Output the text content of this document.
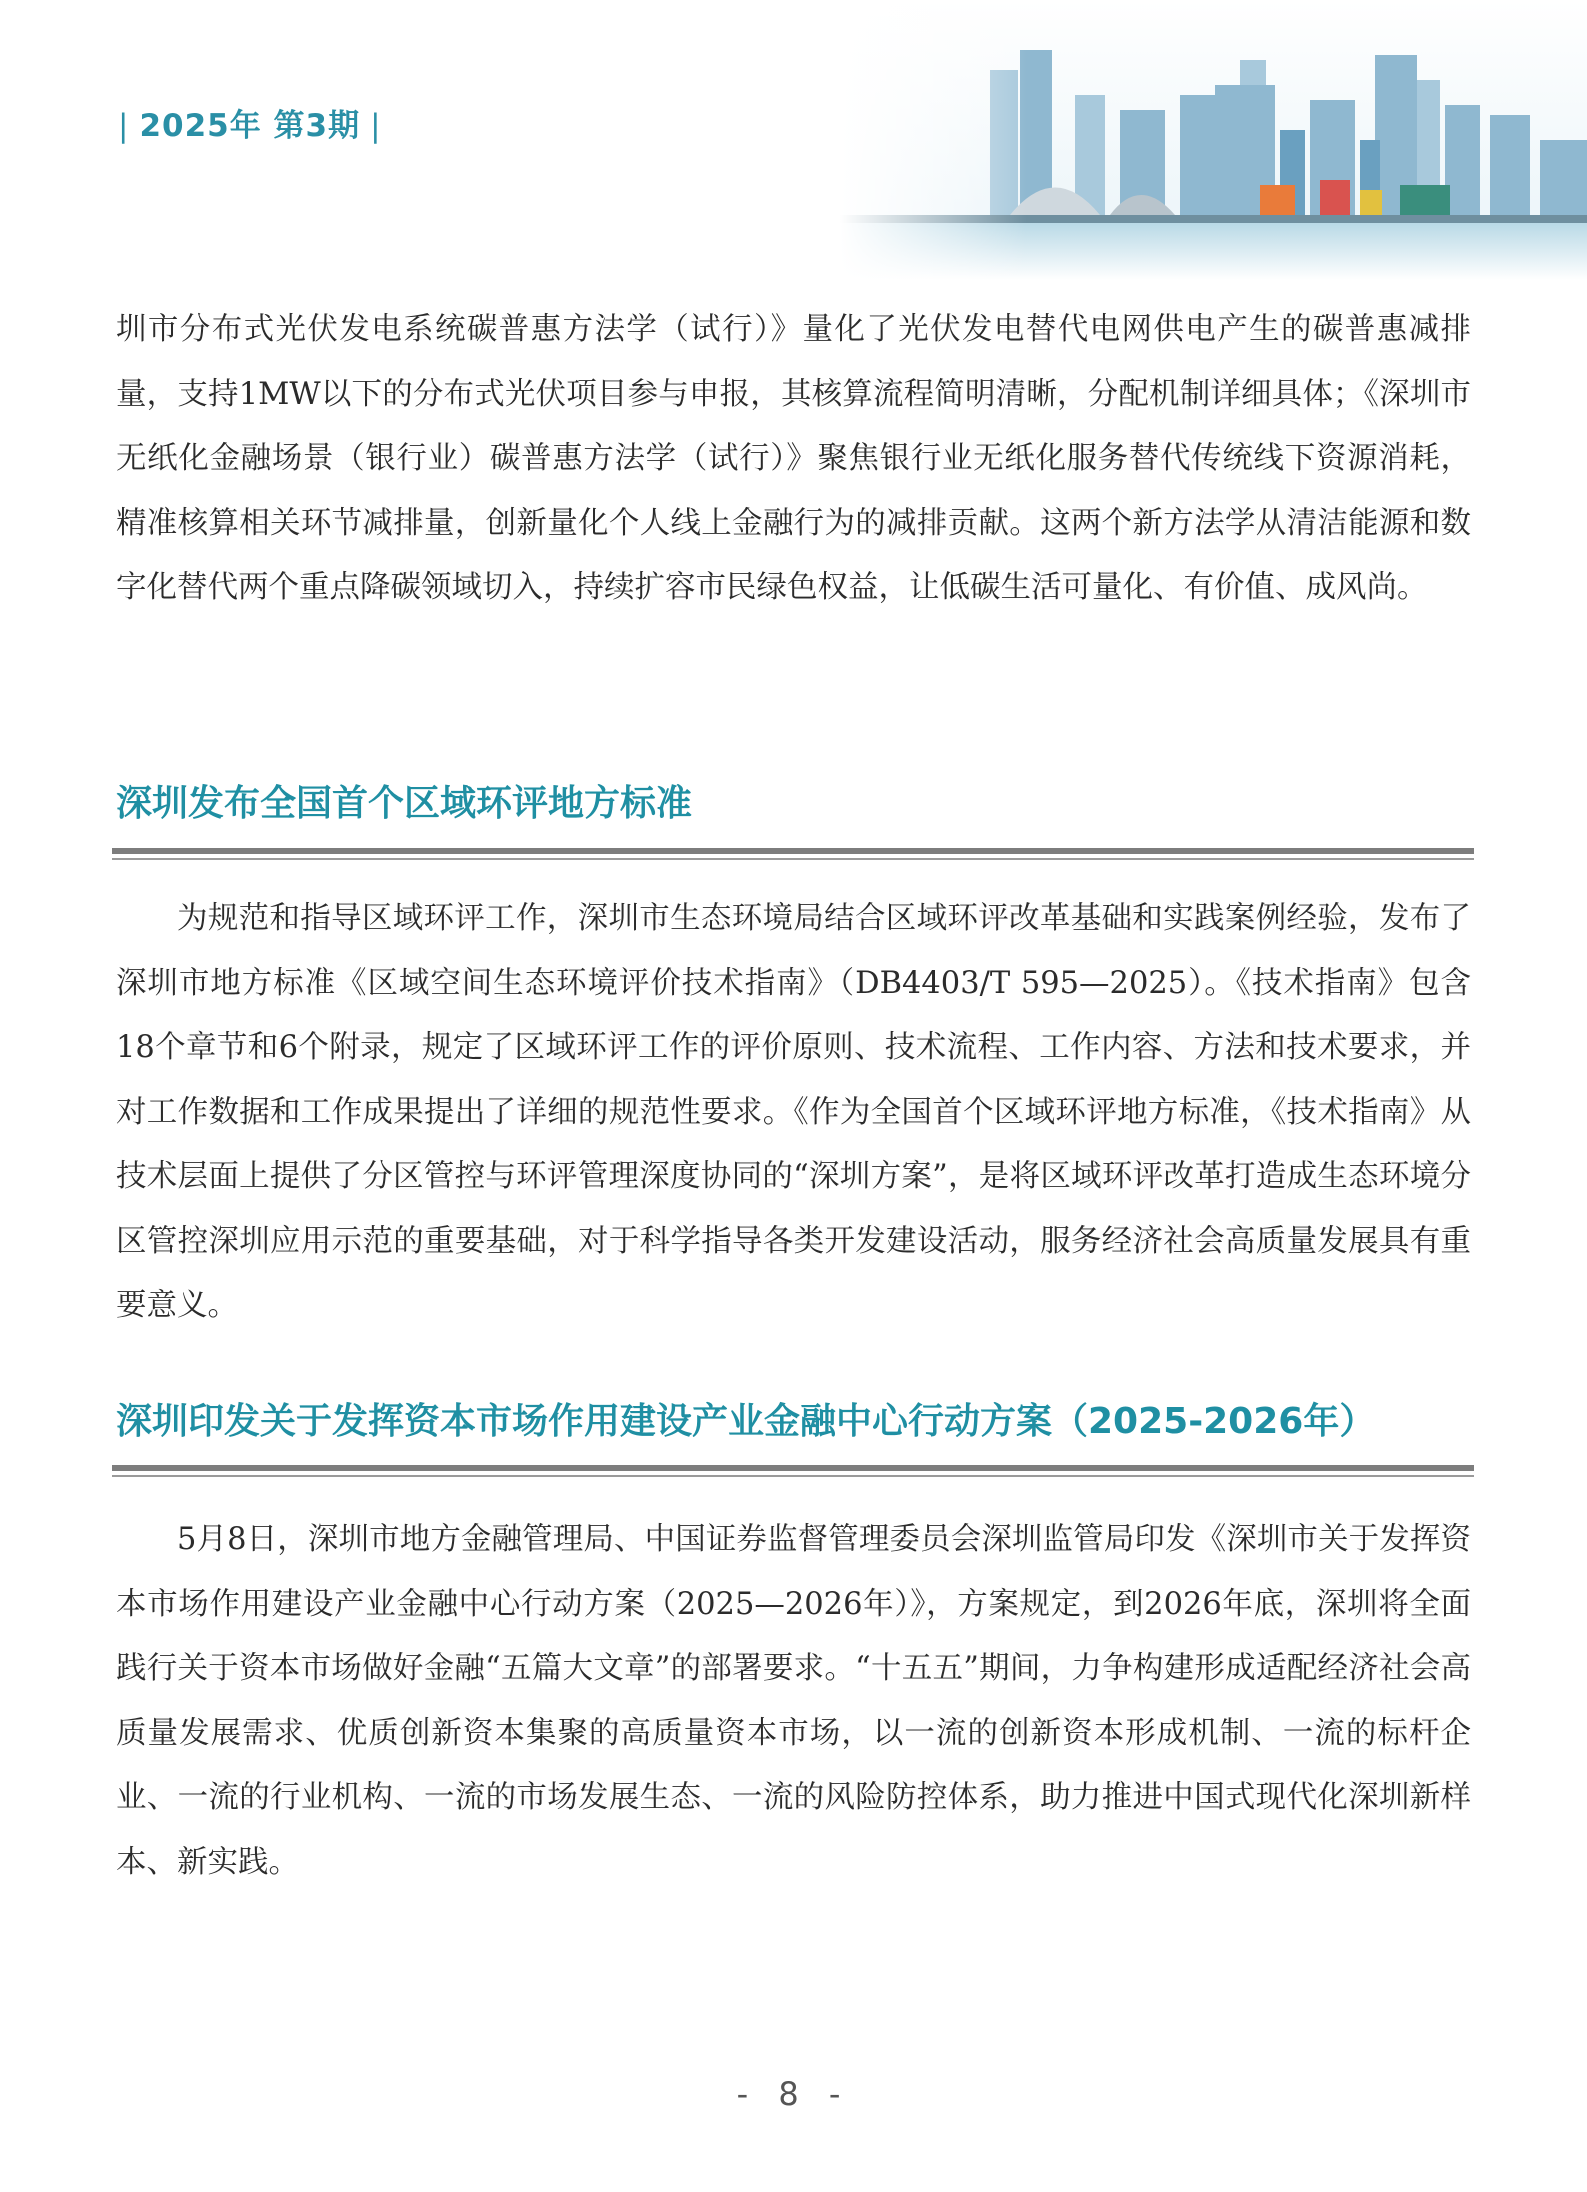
| 2025年 第3期 |

圳市分布式光伏发电系统碳普惠方法学（试行）》量化了光伏发电替代电网供电产生的碳普惠减排量，支持1MW以下的分布式光伏项目参与申报，其核算流程简明清晰，分配机制详细具体；《深圳市无纸化金融场景（银行业）碳普惠方法学（试行）》聚焦银行业无纸化服务替代传统线下资源消耗，精准核算相关环节减排量，创新量化个人线上金融行为的减排贡献。这两个新方法学从清洁能源和数字化替代两个重点降碳领域切入，持续扩容市民绿色权益，让低碳生活可量化、有价值、成风尚。

深圳发布全国首个区域环评地方标准

为规范和指导区域环评工作，深圳市生态环境局结合区域环评改革基础和实践案例经验，发布了深圳市地方标准《区域空间生态环境评价技术指南》（DB4403/T 595—2025）。《技术指南》包含18个章节和6个附录，规定了区域环评工作的评价原则、技术流程、工作内容、方法和技术要求，并对工作数据和工作成果提出了详细的规范性要求。《作为全国首个区域环评地方标准，《技术指南》从技术层面上提供了分区管控与环评管理深度协同的“深圳方案”，是将区域环评改革打造成生态环境分区管控深圳应用示范的重要基础，对于科学指导各类开发建设活动，服务经济社会高质量发展具有重要意义。

深圳印发关于发挥资本市场作用建设产业金融中心行动方案（2025-2026年）

5月8日，深圳市地方金融管理局、中国证券监督管理委员会深圳监管局印发《深圳市关于发挥资本市场作用建设产业金融中心行动方案（2025—2026年）》，方案规定，到2026年底，深圳将全面践行关于资本市场做好金融“五篇大文章”的部署要求。“十五五”期间，力争构建形成适配经济社会高质量发展需求、优质创新资本集聚的高质量资本市场，以一流的创新资本形成机制、一流的标杆企业、一流的行业机构、一流的市场发展生态、一流的风险防控体系，助力推进中国式现代化深圳新样本、新实践。

- 8 -
